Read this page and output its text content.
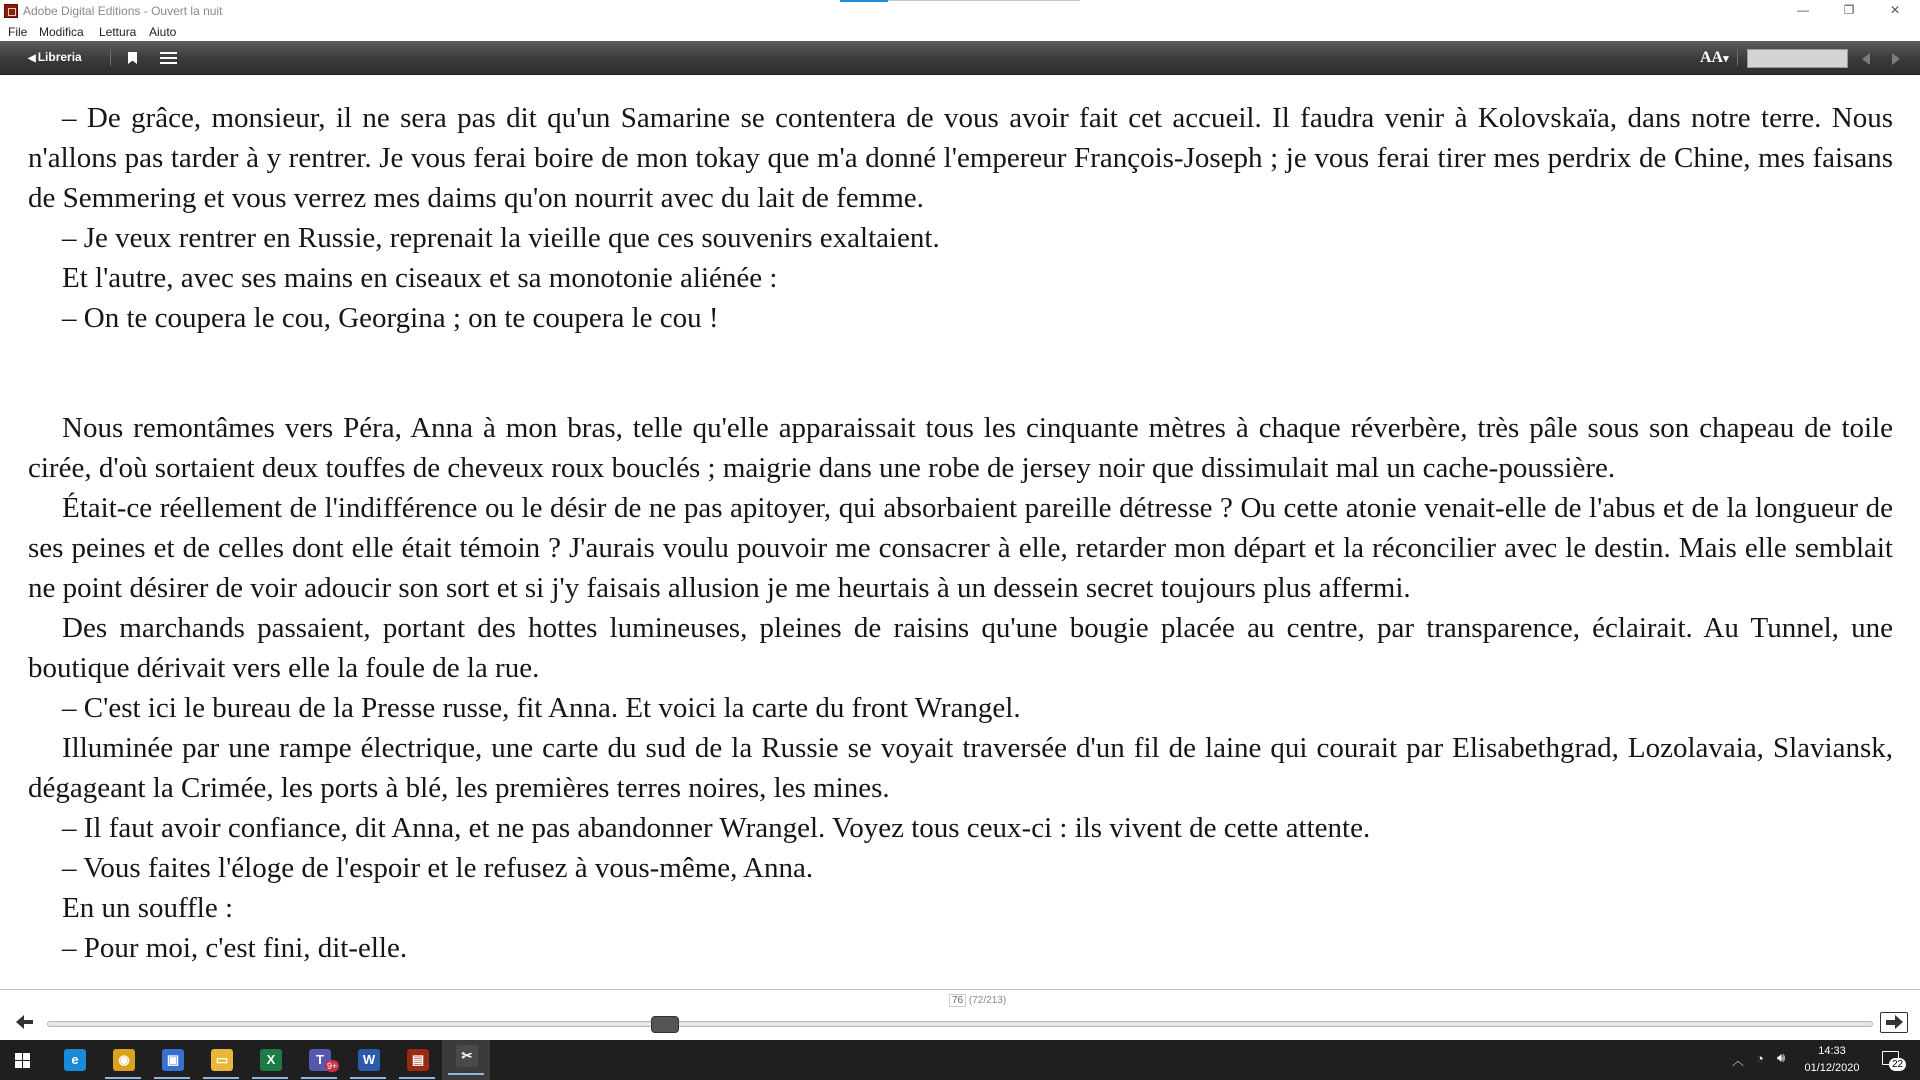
Adobe Digital Editions - Ouvert la nuit	—	❐	✕
File Modifica Lettura Aiuto
◀ Libreria	AA▾

– De grâce, monsieur, il ne sera pas dit qu'un Samarine se contentera de vous avoir fait cet accueil. Il faudra venir à Kolovskaïa, dans notre terre. Nous n'allons pas tarder à y rentrer. Je vous ferai boire de mon tokay que m'a donné l'empereur François-Joseph ; je vous ferai tirer mes perdrix de Chine, mes faisans de Semmering et vous verrez mes daims qu'on nourrit avec du lait de femme.

– Je veux rentrer en Russie, reprenait la vieille que ces souvenirs exaltaient.

Et l'autre, avec ses mains en ciseaux et sa monotonie aliénée :

– On te coupera le cou, Georgina ; on te coupera le cou !

Nous remontâmes vers Péra, Anna à mon bras, telle qu'elle apparaissait tous les cinquante mètres à chaque réverbère, très pâle sous son chapeau de toile cirée, d'où sortaient deux touffes de cheveux roux bouclés ; maigrie dans une robe de jersey noir que dissimulait mal un cache-poussière.

Était-ce réellement de l'indifférence ou le désir de ne pas apitoyer, qui absorbaient pareille détresse ? Ou cette atonie venait-elle de l'abus et de la longueur de ses peines et de celles dont elle était témoin ? J'aurais voulu pouvoir me consacrer à elle, retarder mon départ et la réconcilier avec le destin. Mais elle semblait ne point désirer de voir adoucir son sort et si j'y faisais allusion je me heurtais à un dessein secret toujours plus affermi.

Des marchands passaient, portant des hottes lumineuses, pleines de raisins qu'une bougie placée au centre, par transparence, éclairait. Au Tunnel, une boutique dérivait vers elle la foule de la rue.

– C'est ici le bureau de la Presse russe, fit Anna. Et voici la carte du front Wrangel.

Illuminée par une rampe électrique, une carte du sud de la Russie se voyait traversée d'un fil de laine qui courait par Elisabethgrad, Lozolavaia, Slaviansk, dégageant la Crimée, les ports à blé, les premières terres noires, les mines.

– Il faut avoir confiance, dit Anna, et ne pas abandonner Wrangel. Voyez tous ceux-ci : ils vivent de cette attente.

– Vous faites l'éloge de l'espoir et le refusez à vous-même, Anna.

En un souffle :

– Pour moi, c'est fini, dit-elle.

76 (72/213)
e	◉	▣	▭	X	T 9+	W	▤	✂	︿ ◔ 🔊︎	14:33
01/12/2020	22
